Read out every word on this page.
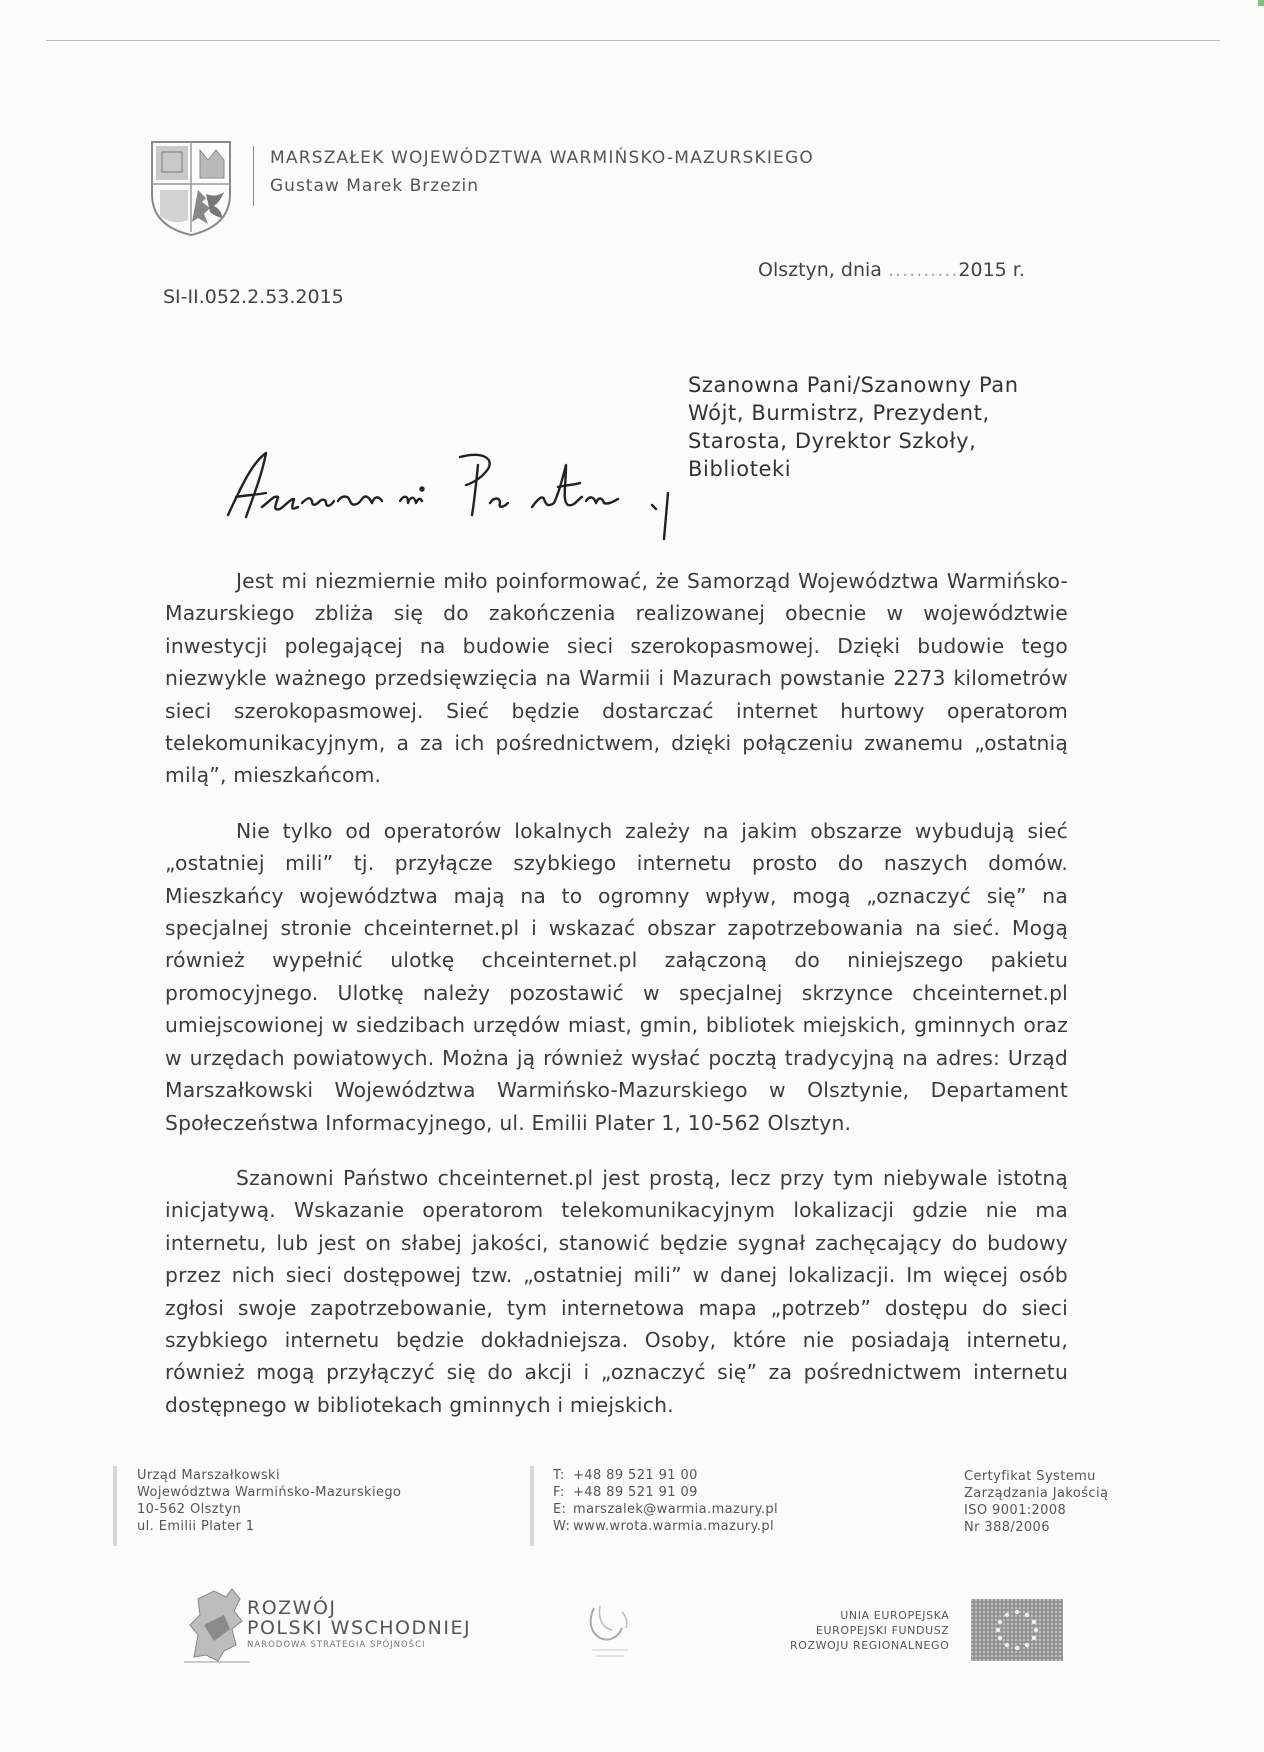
MARSZAŁEK WOJEWÓDZTWA WARMIŃSKO-MAZURSKIEGO
Gustaw Marek Brzezin
SI-II.052.2.53.2015
Olsztyn, dnia ..........2015 r.
Szanowna Pani/Szanowny Pan
Wójt, Burmistrz, Prezydent,
Starosta, Dyrektor Szkoły,
Biblioteki

Jest mi niezmiernie miło poinformować, że Samorząd Województwa Warmińsko-Mazurskiego zbliża się do zakończenia realizowanej obecnie w województwie inwestycji polegającej na budowie sieci szerokopasmowej. Dzięki budowie tego niezwykle ważnego przedsięwzięcia na Warmii i Mazurach powstanie 2273 kilometrów sieci szerokopasmowej. Sieć będzie dostarczać internet hurtowy operatorom telekomunikacyjnym, a za ich pośrednictwem, dzięki połączeniu zwanemu „ostatnią milą”, mieszkańcom.

Nie tylko od operatorów lokalnych zależy na jakim obszarze wybudują sieć „ostatniej mili” tj. przyłącze szybkiego internetu prosto do naszych domów. Mieszkańcy województwa mają na to ogromny wpływ, mogą „oznaczyć się” na specjalnej stronie chceinternet.pl i wskazać obszar zapotrzebowania na sieć. Mogą również wypełnić ulotkę chceinternet.pl załączoną do niniejszego pakietu promocyjnego. Ulotkę należy pozostawić w specjalnej skrzynce chceinternet.pl umiejscowionej w siedzibach urzędów miast, gmin, bibliotek miejskich, gminnych oraz w urzędach powiatowych. Można ją również wysłać pocztą tradycyjną na adres: Urząd Marszałkowski Województwa Warmińsko-Mazurskiego w Olsztynie, Departament Społeczeństwa Informacyjnego, ul. Emilii Plater 1, 10-562 Olsztyn.

Szanowni Państwo chceinternet.pl jest prostą, lecz przy tym niebywale istotną inicjatywą. Wskazanie operatorom telekomunikacyjnym lokalizacji gdzie nie ma internetu, lub jest on słabej jakości, stanowić będzie sygnał zachęcający do budowy przez nich sieci dostępowej tzw. „ostatniej mili” w danej lokalizacji. Im więcej osób zgłosi swoje zapotrzebowanie, tym internetowa mapa „potrzeb” dostępu do sieci szybkiego internetu będzie dokładniejsza. Osoby, które nie posiadają internetu, również mogą przyłączyć się do akcji i „oznaczyć się” za pośrednictwem internetu dostępnego w bibliotekach gminnych i miejskich.

Urząd Marszałkowski
Województwa Warmińsko-Mazurskiego
10-562 Olsztyn
ul. Emilii Plater 1
T: +48 89 521 91 00
F: +48 89 521 91 09
E: marszalek@warmia.mazury.pl
W: www.wrota.warmia.mazury.pl
Certyfikat Systemu
Zarządzania Jakością
ISO 9001:2008
Nr 388/2006
ROZWÓJ
POLSKI WSCHODNIEJ
NARODOWA STRATEGIA SPÓJNOŚCI
UNIA EUROPEJSKA
EUROPEJSKI FUNDUSZ
ROZWOJU REGIONALNEGO
